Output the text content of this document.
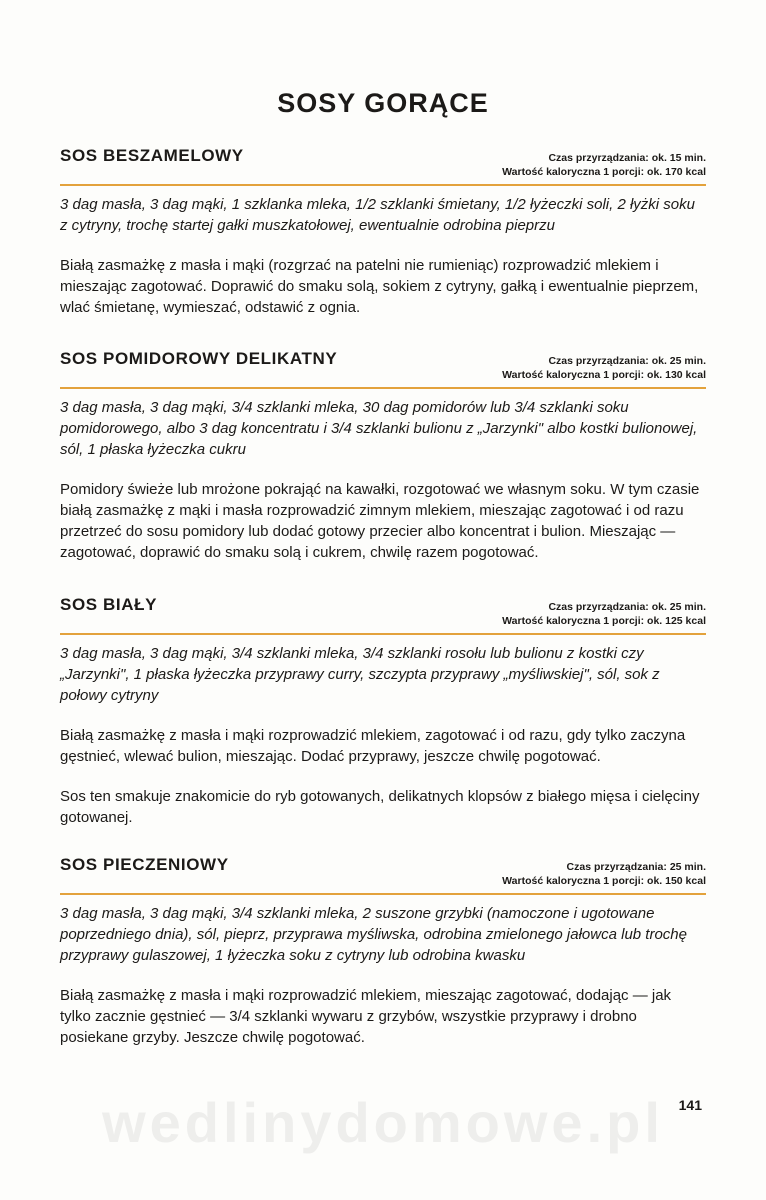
wedlinydomowe.pl
SOSY GORĄCE
SOS BESZAMELOWY	Czas przyrządzania: ok. 15 min.
Wartość kaloryczna 1 porcji: ok. 170 kcal

3 dag masła, 3 dag mąki, 1 szklanka mleka, 1/2 szklanki śmietany, 1/2 łyżeczki soli, 2 łyżki soku z cytryny, trochę startej gałki muszkatołowej, ewentualnie odrobina pieprzu

Białą zasmażkę z masła i mąki (rozgrzać na patelni nie rumieniąc) rozprowadzić mlekiem i mieszając zagotować. Doprawić do smaku solą, sokiem z cytryny, gałką i ewentualnie pieprzem, wlać śmietanę, wymieszać, odstawić z ognia.

SOS POMIDOROWY DELIKATNY	Czas przyrządzania: ok. 25 min.
Wartość kaloryczna 1 porcji: ok. 130 kcal

3 dag masła, 3 dag mąki, 3/4 szklanki mleka, 30 dag pomidorów lub 3/4 szklanki soku pomidorowego, albo 3 dag koncentratu i 3/4 szklanki bulionu z „Jarzynki" albo kostki bulionowej, sól, 1 płaska łyżeczka cukru

Pomidory świeże lub mrożone pokrająć na kawałki, rozgotować we własnym soku. W tym czasie białą zasmażkę z mąki i masła rozprowadzić zimnym mlekiem, mieszając zagotować i od razu przetrzeć do sosu pomidory lub dodać gotowy przecier albo koncentrat i bulion. Mieszając — zagotować, doprawić do smaku solą i cukrem, chwilę razem pogotować.

SOS BIAŁY	Czas przyrządzania: ok. 25 min.
Wartość kaloryczna 1 porcji: ok. 125 kcal

3 dag masła, 3 dag mąki, 3/4 szklanki mleka, 3/4 szklanki rosołu lub bulionu z kostki czy „Jarzynki", 1 płaska łyżeczka przyprawy curry, szczypta przyprawy „myśliwskiej", sól, sok z połowy cytryny

Białą zasmażkę z masła i mąki rozprowadzić mlekiem, zagotować i od razu, gdy tylko zaczyna gęstnieć, wlewać bulion, mieszając. Dodać przyprawy, jeszcze chwilę pogotować.

Sos ten smakuje znakomicie do ryb gotowanych, delikatnych klopsów z białego mięsa i cielęciny gotowanej.

SOS PIECZENIOWY	Czas przyrządzania: 25 min.
Wartość kaloryczna 1 porcji: ok. 150 kcal

3 dag masła, 3 dag mąki, 3/4 szklanki mleka, 2 suszone grzybki (namoczone i ugotowane poprzedniego dnia), sól, pieprz, przyprawa myśliwska, odrobina zmielonego jałowca lub trochę przyprawy gulaszowej, 1 łyżeczka soku z cytryny lub odrobina kwasku

Białą zasmażkę z masła i mąki rozprowadzić mlekiem, mieszając zagotować, dodając — jak tylko zacznie gęstnieć — 3/4 szklanki wywaru z grzybów, wszystkie przyprawy i drobno posiekane grzyby. Jeszcze chwilę pogotować.

141
